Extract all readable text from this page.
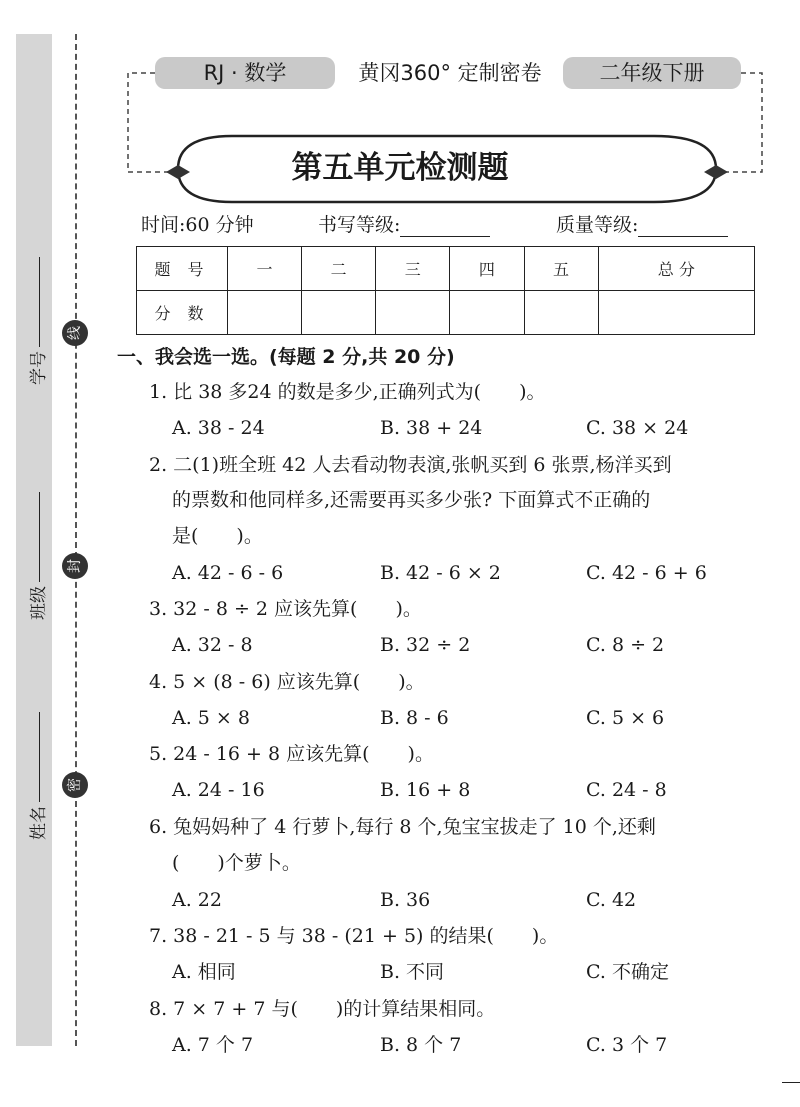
学号
班级
姓名
线
封
密
RJ · 数学	黄冈360° 定制密卷	二年级下册
第五单元检测题
时间:60 分钟	书写等级:	质量等级:
题 号	一	二	三	四	五	总 分
分 数						
一、我会选一选。(每题 2 分,共 20 分)
1. 比 38 多24 的数是多少,正确列式为(　　)。
A. 38 - 24	B. 38 + 24	C. 38 × 24
2. 二(1)班全班 42 人去看动物表演,张帆买到 6 张票,杨洋买到
的票数和他同样多,还需要再买多少张? 下面算式不正确的
是(　　)。
A. 42 - 6 - 6	B. 42 - 6 × 2	C. 42 - 6 + 6
3. 32 - 8 ÷ 2 应该先算(　　)。
A. 32 - 8	B. 32 ÷ 2	C. 8 ÷ 2
4. 5 × (8 - 6) 应该先算(　　)。
A. 5 × 8	B. 8 - 6	C. 5 × 6
5. 24 - 16 + 8 应该先算(　　)。
A. 24 - 16	B. 16 + 8	C. 24 - 8
6. 兔妈妈种了 4 行萝卜,每行 8 个,兔宝宝拔走了 10 个,还剩
(　　)个萝卜。
A. 22	B. 36	C. 42
7. 38 - 21 - 5 与 38 - (21 + 5) 的结果(　　)。
A. 相同	B. 不同	C. 不确定
8. 7 × 7 + 7 与(　　)的计算结果相同。
A. 7 个 7	B. 8 个 7	C. 3 个 7
